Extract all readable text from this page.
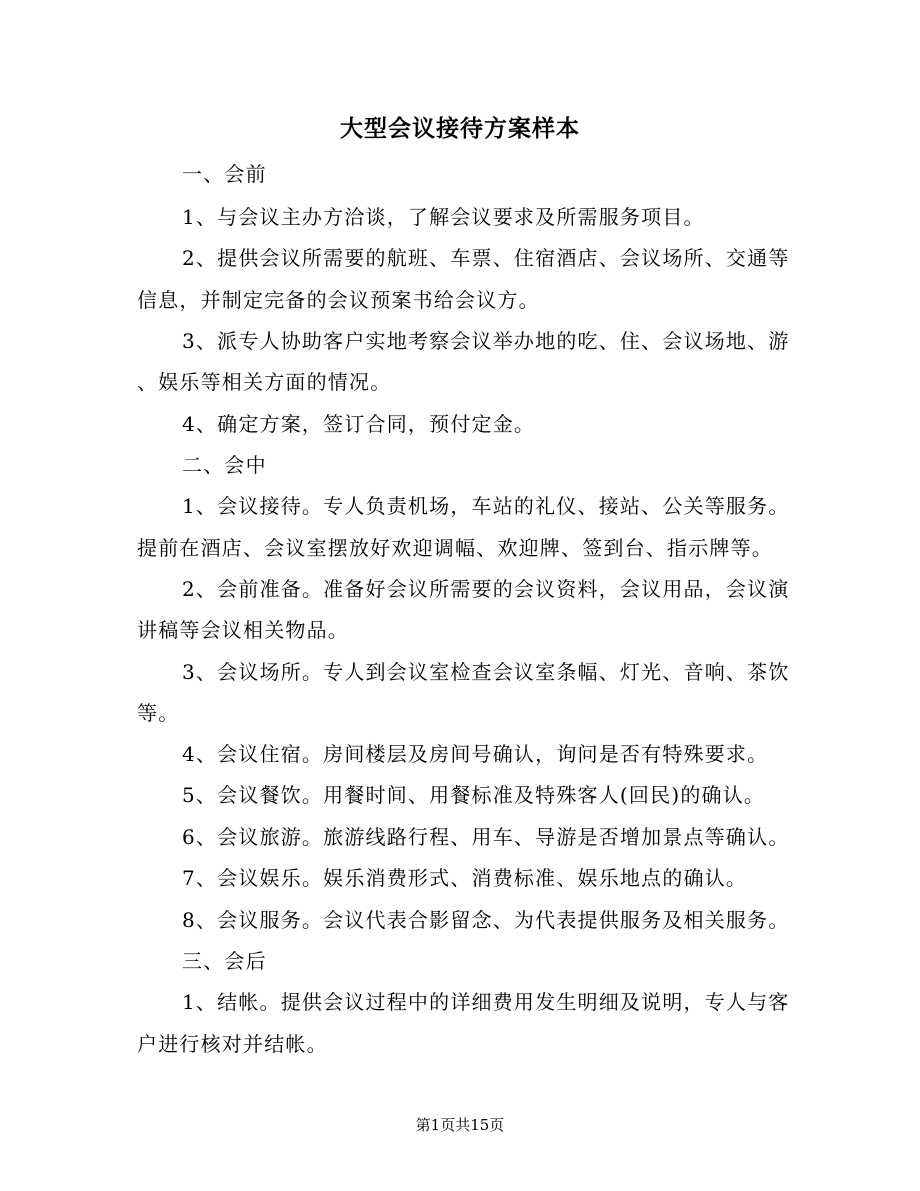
大型会议接待方案样本
一、会前
1、与会议主办方洽谈，了解会议要求及所需服务项目。
2、提供会议所需要的航班、车票、住宿酒店、会议场所、交通等
信息，并制定完备的会议预案书给会议方。
3、派专人协助客户实地考察会议举办地的吃、住、会议场地、游
、娱乐等相关方面的情况。
4、确定方案，签订合同，预付定金。
二、会中
1、会议接待。专人负责机场，车站的礼仪、接站、公关等服务。
提前在酒店、会议室摆放好欢迎调幅、欢迎牌、签到台、指示牌等。
2、会前准备。准备好会议所需要的会议资料，会议用品，会议演
讲稿等会议相关物品。
3、会议场所。专人到会议室检查会议室条幅、灯光、音响、茶饮
等。
4、会议住宿。房间楼层及房间号确认，询问是否有特殊要求。
5、会议餐饮。用餐时间、用餐标准及特殊客人(回民)的确认。
6、会议旅游。旅游线路行程、用车、导游是否增加景点等确认。
7、会议娱乐。娱乐消费形式、消费标准、娱乐地点的确认。
8、会议服务。会议代表合影留念、为代表提供服务及相关服务。
三、会后
1、结帐。提供会议过程中的详细费用发生明细及说明，专人与客
户进行核对并结帐。
第1页共15页
